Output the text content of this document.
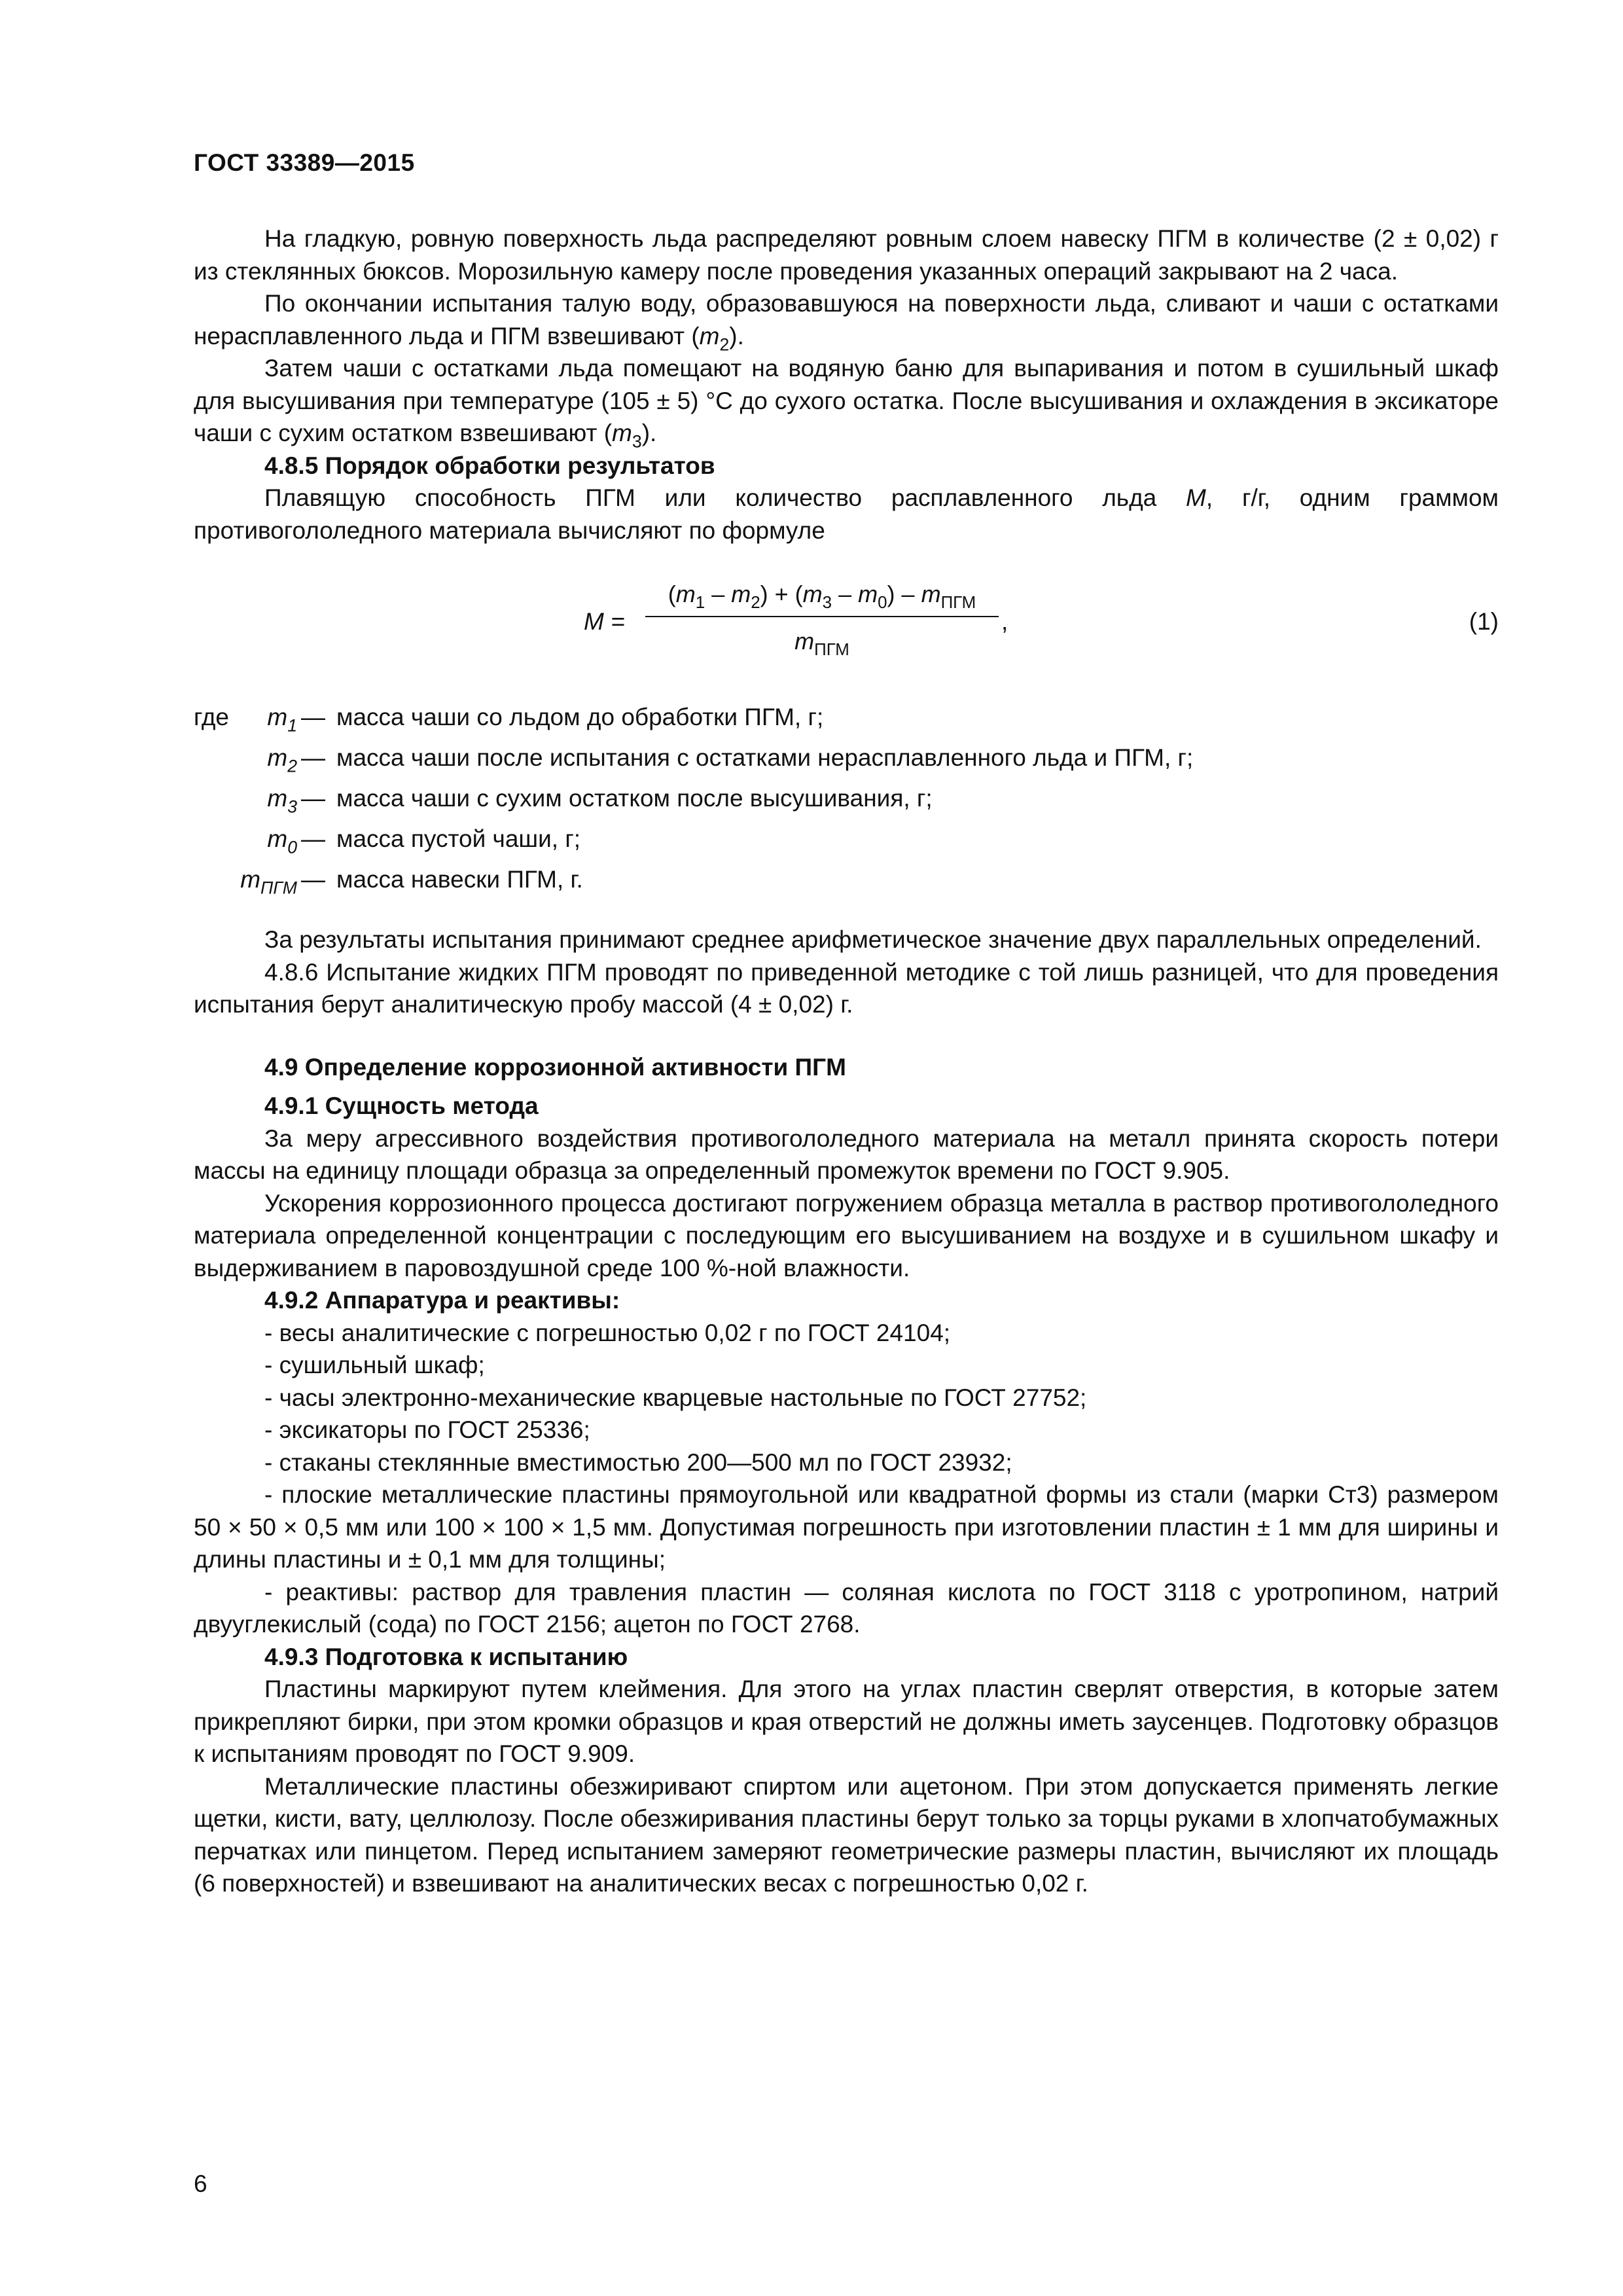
ГОСТ 33389—2015

На гладкую, ровную поверхность льда распределяют ровным слоем навеску ПГМ в количестве (2 ± 0,02) г из стеклянных бюксов. Морозильную камеру после проведения указанных операций закрывают на 2 часа.

По окончании испытания талую воду, образовавшуюся на поверхности льда, сливают и чаши с остатками нерасплавленного льда и ПГМ взвешивают $(m_2)$.

Затем чаши с остатками льда помещают на водяную баню для выпаривания и потом в сушильный шкаф для высушивания при температуре (105 ± 5) °С до сухого остатка. После высушивания и охлаждения в эксикаторе чаши с сухим остатком взвешивают $(m_3)$.

4.8.5 Порядок обработки результатов

Плавящую способность ПГМ или количество расплавленного льда M, г/г, одним граммом противогололедного материала вычисляют по формуле

M =
$(m_1 - m_2) + (m_3 - m_0) - m_{ПГМ}$
$m_{ПГМ}$
,	(1)
где $m_1$ — масса чаши со льдом до обработки ПГМ, г;
$m_2$ — масса чаши после испытания с остатками нерасплавленного льда и ПГМ, г;
$m_3$ — масса чаши с сухим остатком после высушивания, г;
$m_0$ — масса пустой чаши, г;
$m_{ПГМ}$ — масса навески ПГМ, г.

За результаты испытания принимают среднее арифметическое значение двух параллельных определений.

4.8.6 Испытание жидких ПГМ проводят по приведенной методике с той лишь разницей, что для проведения испытания берут аналитическую пробу массой (4 ± 0,02) г.

4.9 Определение коррозионной активности ПГМ

4.9.1 Сущность метода

За меру агрессивного воздействия противогололедного материала на металл принята скорость потери массы на единицу площади образца за определенный промежуток времени по ГОСТ 9.905.

Ускорения коррозионного процесса достигают погружением образца металла в раствор противогололедного материала определенной концентрации с последующим его высушиванием на воздухе и в сушильном шкафу и выдерживанием в паровоздушной среде 100 %-ной влажности.

4.9.2 Аппаратура и реактивы:

- весы аналитические с погрешностью 0,02 г по ГОСТ 24104;

- сушильный шкаф;

- часы электронно-механические кварцевые настольные по ГОСТ 27752;

- эксикаторы по ГОСТ 25336;

- стаканы стеклянные вместимостью 200—500 мл по ГОСТ 23932;

- плоские металлические пластины прямоугольной или квадратной формы из стали (марки Ст3) размером 50 × 50 × 0,5 мм или 100 × 100 × 1,5 мм. Допустимая погрешность при изготовлении пластин ± 1 мм для ширины и длины пластины и ± 0,1 мм для толщины;

- реактивы: раствор для травления пластин — соляная кислота по ГОСТ 3118 с уротропином, натрий двууглекислый (сода) по ГОСТ 2156; ацетон по ГОСТ 2768.

4.9.3 Подготовка к испытанию

Пластины маркируют путем клеймения. Для этого на углах пластин сверлят отверстия, в которые затем прикрепляют бирки, при этом кромки образцов и края отверстий не должны иметь заусенцев. Подготовку образцов к испытаниям проводят по ГОСТ 9.909.

Металлические пластины обезжиривают спиртом или ацетоном. При этом допускается применять легкие щетки, кисти, вату, целлюлозу. После обезжиривания пластины берут только за торцы руками в хлопчатобумажных перчатках или пинцетом. Перед испытанием замеряют геометрические размеры пластин, вычисляют их площадь (6 поверхностей) и взвешивают на аналитических весах с погрешностью 0,02 г.

6
